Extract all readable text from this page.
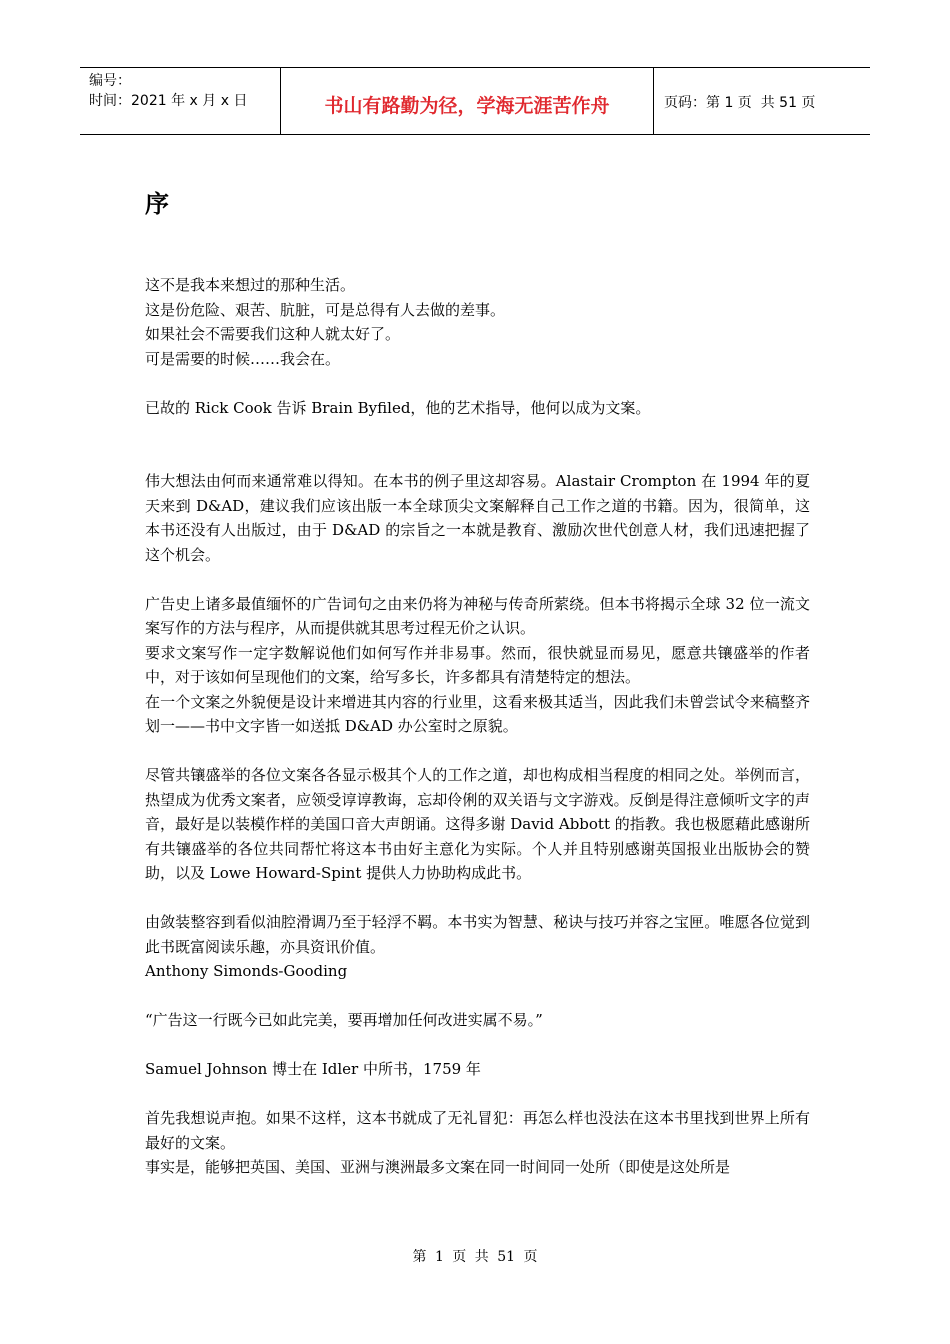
编号：
时间：2021 年 x 月 x 日	书山有路勤为径，学海无涯苦作舟	页码：第 1 页  共 51 页
序

这不是我本来想过的那种生活。

这是份危险、艰苦、肮脏，可是总得有人去做的差事。

如果社会不需要我们这种人就太好了。

可是需要的时候……我会在。

已故的 Rick Cook 告诉 Brain Byfiled，他的艺术指导，他何以成为文案。

伟大想法由何而来通常难以得知。在本书的例子里这却容易。Alastair Crompton 在 1994 年的夏天来到 D&AD，建议我们应该出版一本全球顶尖文案解释自己工作之道的书籍。因为，很简单，这本书还没有人出版过，由于 D&AD 的宗旨之一本就是教育、激励次世代创意人材，我们迅速把握了这个机会。

广告史上诸多最值缅怀的广告词句之由来仍将为神秘与传奇所萦绕。但本书将揭示全球 32 位一流文案写作的方法与程序，从而提供就其思考过程无价之认识。

要求文案写作一定字数解说他们如何写作并非易事。然而，很快就显而易见，愿意共镶盛举的作者中，对于该如何呈现他们的文案，给写多长，许多都具有清楚特定的想法。

在一个文案之外貌便是设计来增进其内容的行业里，这看来极其适当，因此我们未曾尝试令来稿整齐划一——书中文字皆一如送抵 D&AD 办公室时之原貌。

尽管共镶盛举的各位文案各各显示极其个人的工作之道，却也构成相当程度的相同之处。举例而言，热望成为优秀文案者，应领受谆谆教诲，忘却伶俐的双关语与文字游戏。反倒是得注意倾听文字的声音，最好是以装模作样的美国口音大声朗诵。这得多谢 David Abbott 的指教。我也极愿藉此感谢所有共镶盛举的各位共同帮忙将这本书由好主意化为实际。个人并且特别感谢英国报业出版协会的赞助，以及 Lowe Howard-Spint 提供人力协助构成此书。

由敛装整容到看似油腔滑调乃至于轻浮不羁。本书实为智慧、秘诀与技巧并容之宝匣。唯愿各位觉到此书既富阅读乐趣，亦具资讯价值。

Anthony Simonds-Gooding

“广告这一行既今已如此完美，要再增加任何改进实属不易。”

Samuel Johnson 博士在 Idler 中所书，1759 年

首先我想说声抱。如果不这样，这本书就成了无礼冒犯：再怎么样也没法在这本书里找到世界上所有最好的文案。

事实是，能够把英国、美国、亚洲与澳洲最多文案在同一时间同一处所（即使是这处所是

第 1 页 共 51 页
